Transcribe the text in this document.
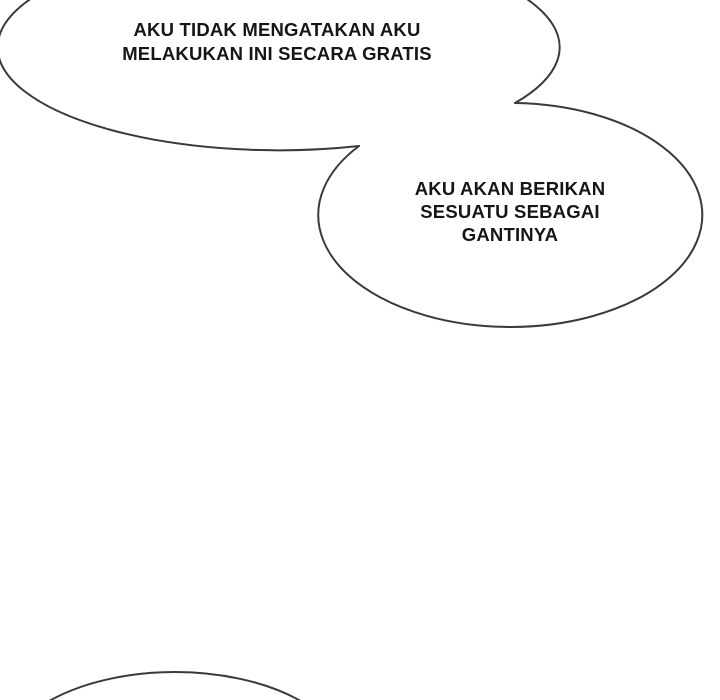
AKU TIDAK MENGATAKAN AKU
MELAKUKAN INI SECARA GRATIS
AKU AKAN BERIKAN
SESUATU SEBAGAI
GANTINYA
